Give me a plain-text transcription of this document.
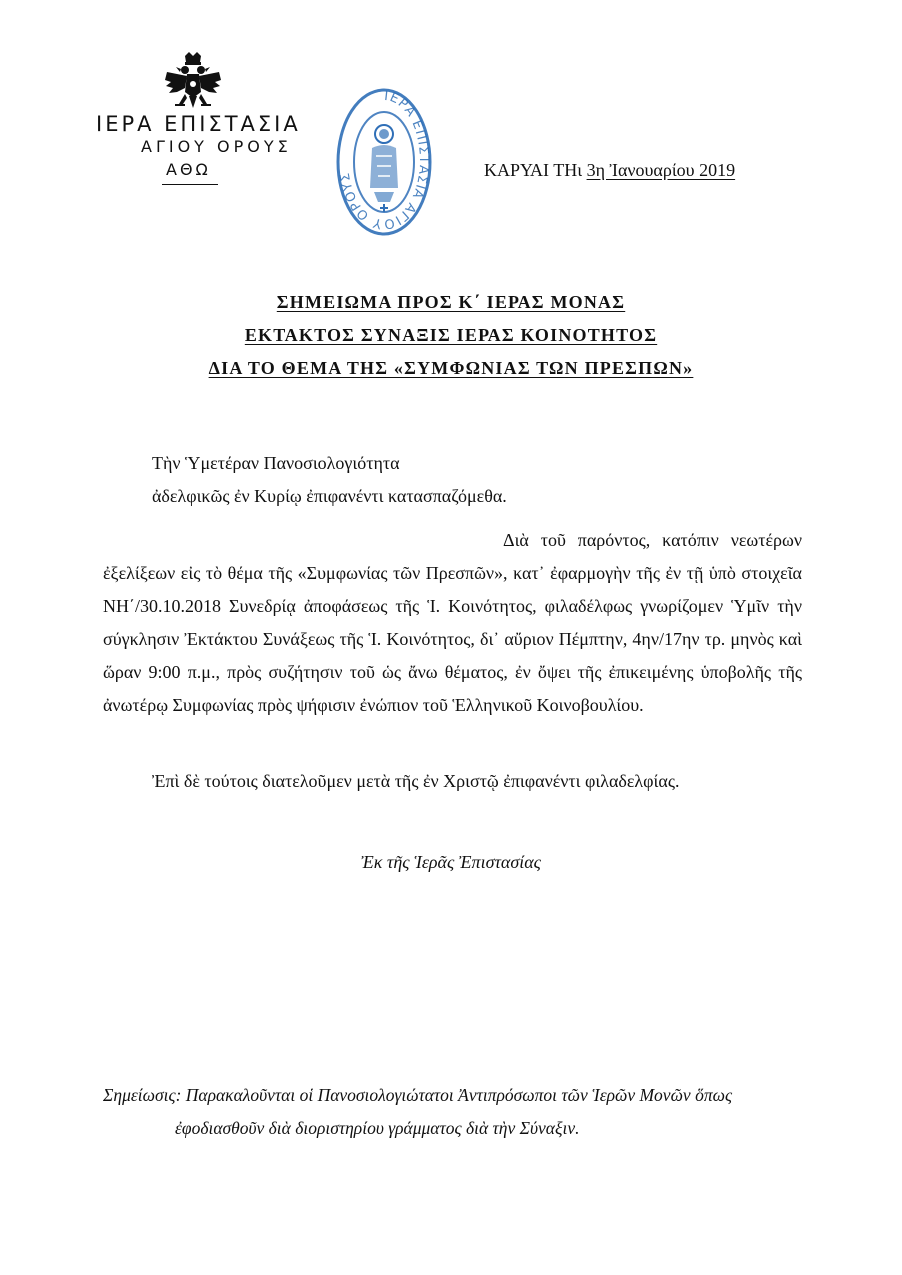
ΙΕΡΑ ΕΠΙΣΤΑΣΙΑ
ΑΓΙΟΥ ΟΡΟΥΣ
ΑΘΩ
ΙΕΡΑ ΕΠΙΣΤΑΣΙΑ ΑΓΙΟΥ ΟΡΟΥΣ	ΚΑΡΥΑΙ ΤΗι 3η Ἰανουαρίου 2019
ΣΗΜΕΙΩΜΑ ΠΡΟΣ Κ΄ ΙΕΡΑΣ ΜΟΝΑΣ
ΕΚΤΑΚΤΟΣ ΣΥΝΑΞΙΣ ΙΕΡΑΣ ΚΟΙΝΟΤΗΤΟΣ
ΔΙΑ ΤΟ ΘΕΜΑ ΤΗΣ «ΣΥΜΦΩΝΙΑΣ ΤΩΝ ΠΡΕΣΠΩΝ»
Τὴν Ὑμετέραν Πανοσιολογιότητα
ἀδελφικῶς ἐν Κυρίῳ ἐπιφανέντι κατασπαζόμεθα.
Διὰ τοῦ παρόντος, κατόπιν νεωτέρων ἐξελίξεων εἰς τὸ θέμα τῆς «Συμφωνίας τῶν Πρεσπῶν», κατ᾽ ἐφαρμογὴν τῆς ἐν τῇ ὑπὸ στοιχεῖα ΝΗ΄/30.10.2018 Συνεδρίᾳ ἀποφάσεως τῆς Ἱ. Κοινότητος, φιλαδέλφως γνωρίζομεν Ὑμῖν τὴν σύγκλησιν Ἐκτάκτου Συνάξεως τῆς Ἱ. Κοινότητος, δι᾽ αὔριον Πέμπτην, 4ην/17ην τρ. μηνὸς καὶ ὥραν 9:00 π.μ., πρὸς συζήτησιν τοῦ ὡς ἄνω θέματος, ἐν ὄψει τῆς ἐπικειμένης ὑποβολῆς τῆς ἀνωτέρῳ Συμφωνίας πρὸς ψήφισιν ἐνώπιον τοῦ Ἑλληνικοῦ Κοινοβουλίου.
Ἐπὶ δὲ τούτοις διατελοῦμεν μετὰ τῆς ἐν Χριστῷ ἐπιφανέντι φιλαδελφίας.
Ἐκ τῆς Ἱερᾶς Ἐπιστασίας
Σημείωσις: Παρακαλοῦνται οἱ Πανοσιολογιώτατοι Ἀντιπρόσωποι τῶν Ἱερῶν Μονῶν ὅπως
ἐφοδιασθοῦν διὰ διοριστηρίου γράμματος διὰ τὴν Σύναξιν.
